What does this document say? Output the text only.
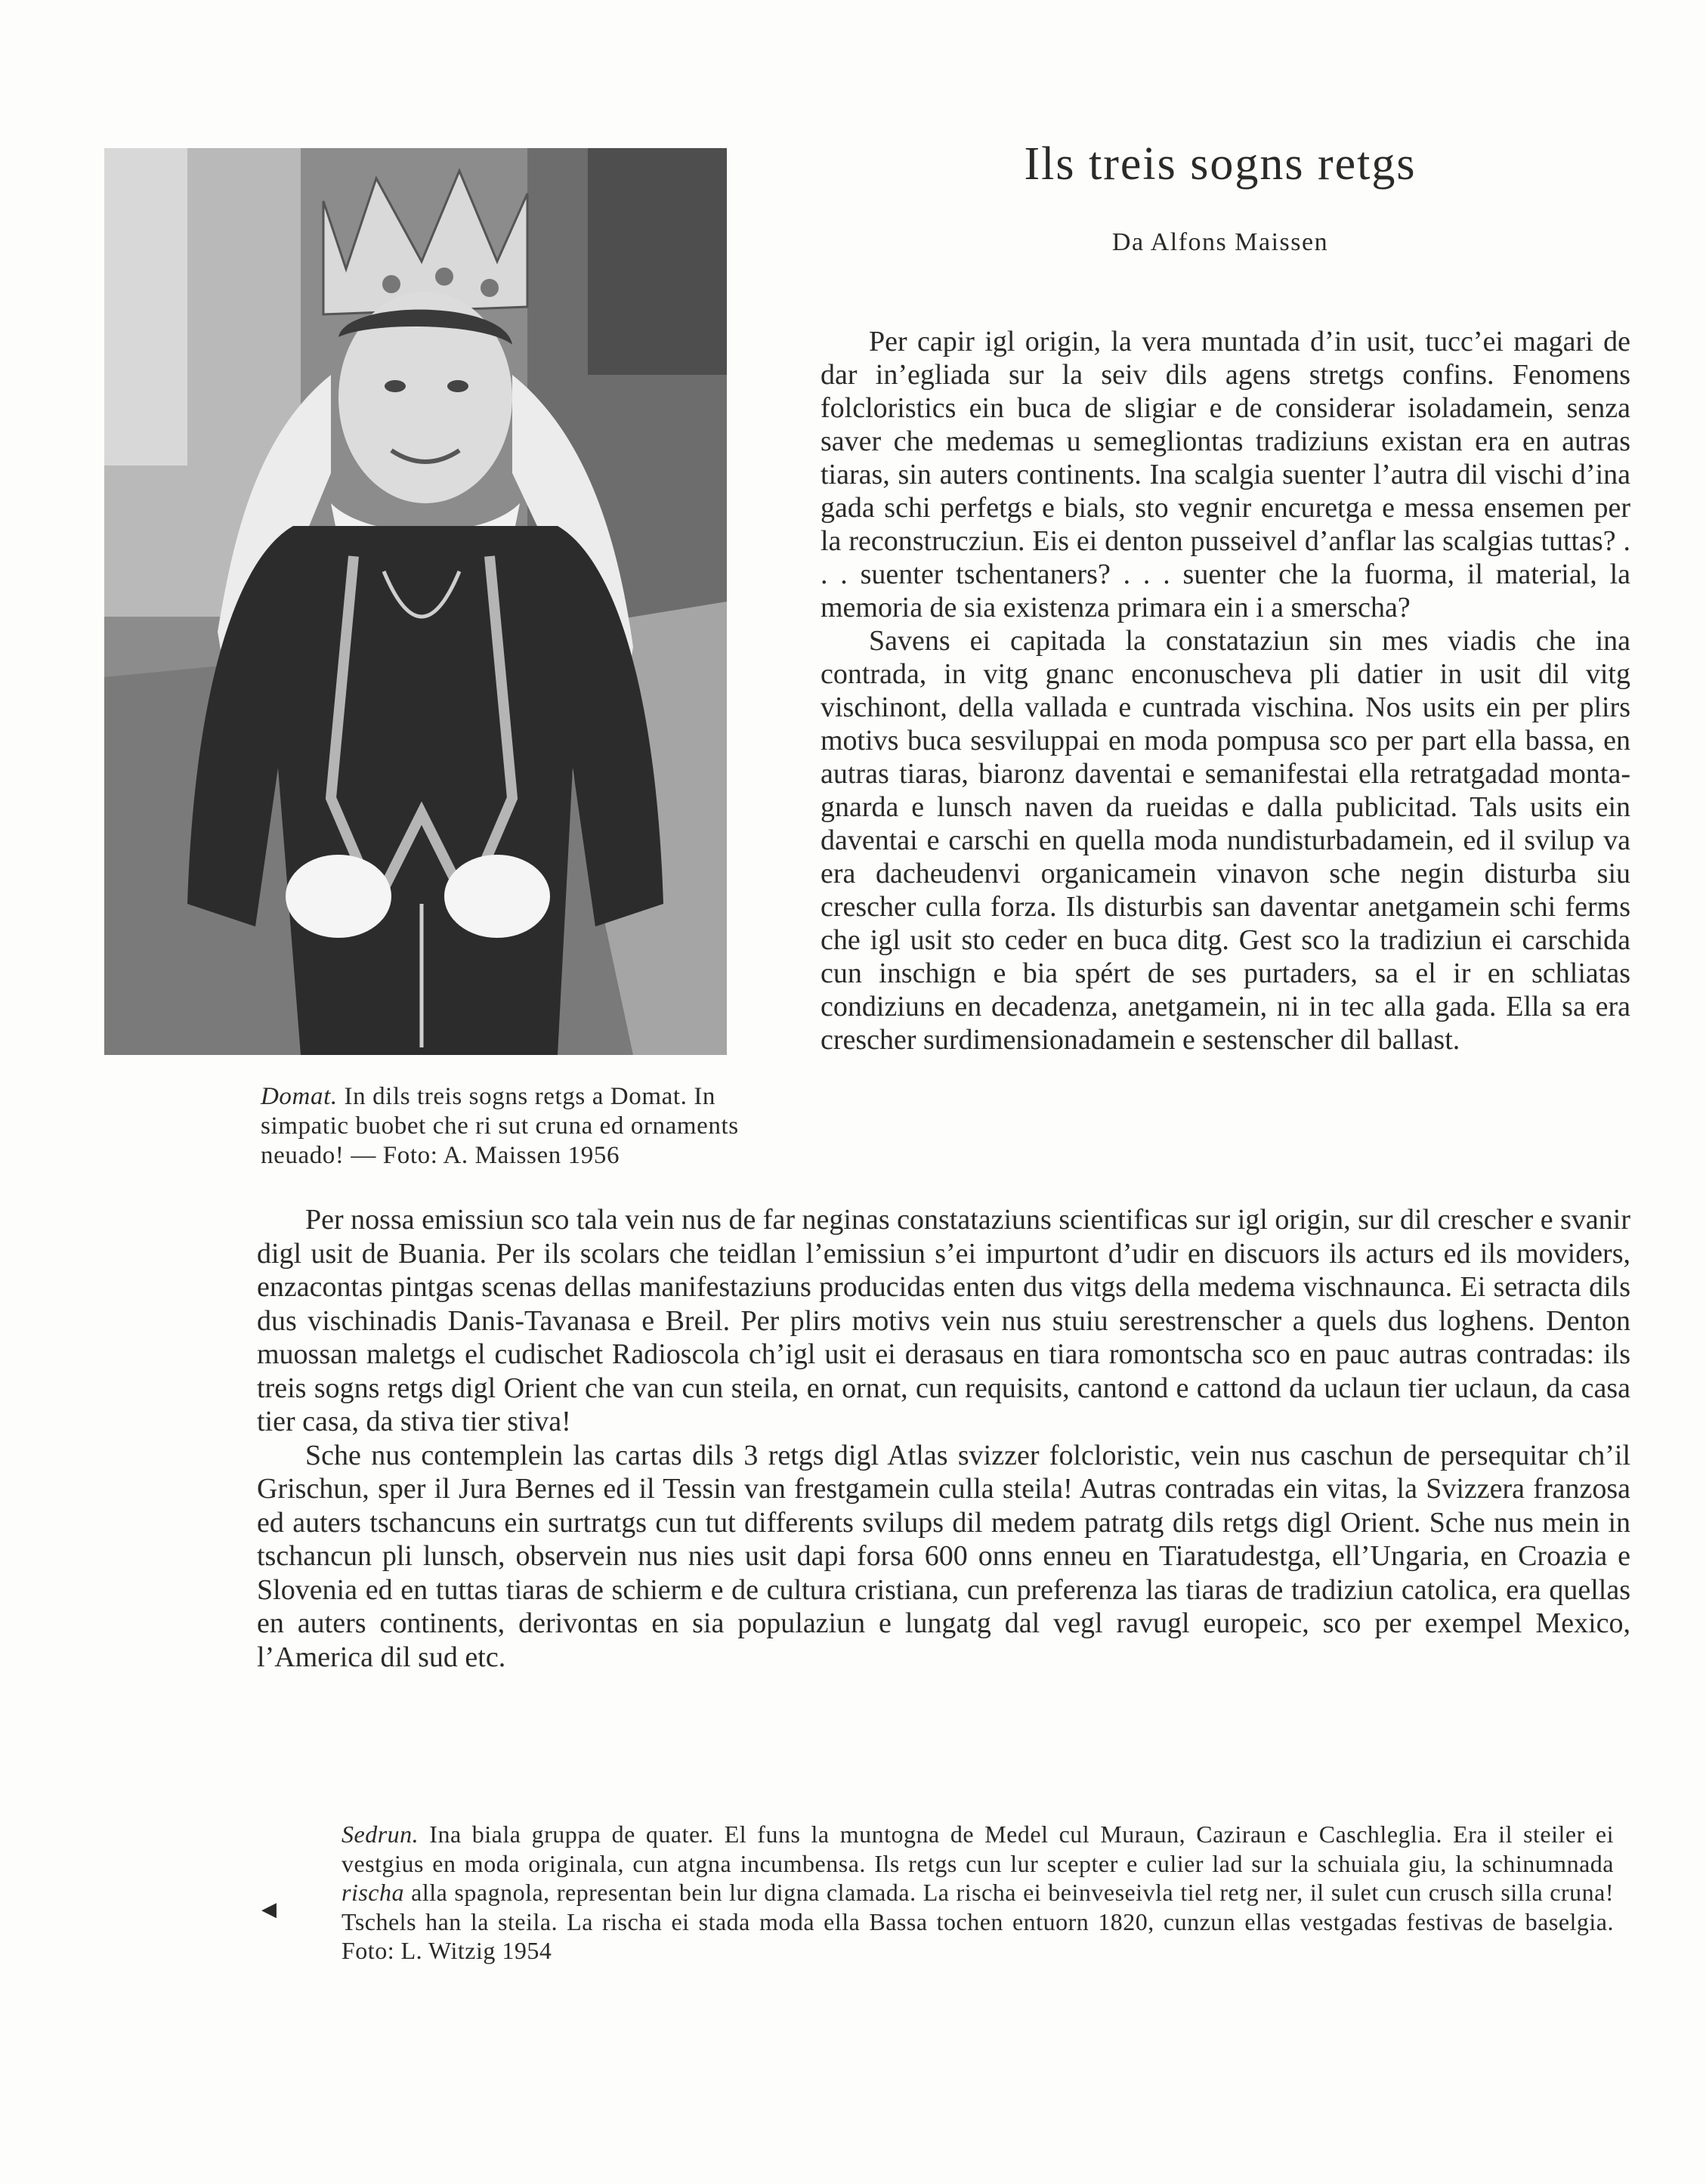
Domat. In dils treis sogns retgs a Domat. In simpatic buobet che ri sut cruna ed ornaments neuado! — Foto: A. Maissen 1956
Ils treis sogns retgs
Da Alfons Maissen

Per capir igl origin, la vera muntada d’in usit, tucc’ei magari de dar in’egliada sur la seiv dils agens stretgs confins. Fenomens folcloristics ein buca de sligiar e de considerar isoladamein, senza saver che medemas u semegliontas tradiziuns existan era en autras tiaras, sin auters continents. Ina scalgia suenter l’autra dil vischi d’ina gada schi perfetgs e bials, sto vegnir encuretga e messa ensemen per la reconstrucziun. Eis ei denton pusseivel d’anflar las scalgias tuttas? . . . suenter tschentaners? . . . suenter che la fuorma, il material, la memoria de sia existenza primara ein i a smerscha?

Savens ei capitada la constataziun sin mes viadis che ina contrada, in vitg gnanc enconuscheva pli datier in usit dil vitg vischinont, della vallada e cuntrada vischina. Nos usits ein per plirs motivs buca sesviluppai en moda pompusa sco per part ella bassa, en autras tiaras, biaronz daventai e semanifestai ella retratgadad montagnarda e lunsch naven da rueidas e dalla publicitad. Tals usits ein daventai e carschi en quella moda nundisturbadamein, ed il svilup va era dacheudenvi organicamein vinavon sche negin disturba siu crescher culla forza. Ils disturbis san daventar anetgamein schi ferms che igl usit sto ceder en buca ditg. Gest sco la tradiziun ei carschida cun inschign e bia spért de ses purtaders, sa el ir en schliatas condiziuns en decadenza, anetgamein, ni in tec alla gada. Ella sa era crescher surdimensionadamein e sestenscher dil ballast.

Per nossa emissiun sco tala vein nus de far neginas constataziuns scientificas sur igl origin, sur dil crescher e svanir digl usit de Buania. Per ils scolars che teidlan l’emissiun s’ei impurtont d’udir en discuors ils acturs ed ils moviders, enzacontas pintgas scenas dellas manifestaziuns producidas enten dus vitgs della medema vischnaunca. Ei setracta dils dus vischinadis Danis-Tavanasa e Breil. Per plirs motivs vein nus stuiu serestrenscher a quels dus loghens. Denton muossan maletgs el cudischet Radioscola ch’igl usit ei derasaus en tiara romontscha sco en pauc autras contradas: ils treis sogns retgs digl Orient che van cun steila, en ornat, cun requisits, cantond e cattond da uclaun tier uclaun, da casa tier casa, da stiva tier stiva!

Sche nus contemplein las cartas dils 3 retgs digl Atlas svizzer folcloristic, vein nus caschun de persequitar ch’il Grischun, sper il Jura Bernes ed il Tessin van frestgamein culla steila! Autras contradas ein vitas, la Svizzera franzosa ed auters tschancuns ein surtratgs cun tut differents svilups dil medem patratg dils retgs digl Orient. Sche nus mein in tschancun pli lunsch, observein nus nies usit dapi forsa 600 onns enneu en Tiaratudestga, ell’Ungaria, en Croazia e Slovenia ed en tuttas tiaras de schierm e de cultura cristiana, cun preferenza las tiaras de tradiziun catolica, era quellas en auters continents, derivontas en sia populaziun e lungatg dal vegl ravugl europeic, sco per exempel Mexico, l’America dil sud etc.

◀
Sedrun. Ina biala gruppa de quater. El funs la muntogna de Medel cul Muraun, Caziraun e Caschleglia. Era il steiler ei vestgius en moda originala, cun atgna incumbensa. Ils retgs cun lur scepter e culier lad sur la schuiala giu, la schinumnada rischa alla spagnola, representan bein lur digna clamada. La rischa ei beinveseivla tiel retg ner, il sulet cun crusch silla cruna! Tschels han la steila. La rischa ei stada moda ella Bassa tochen entuorn 1820, cunzun ellas vestgadas festivas de baselgia. Foto: L. Witzig 1954
